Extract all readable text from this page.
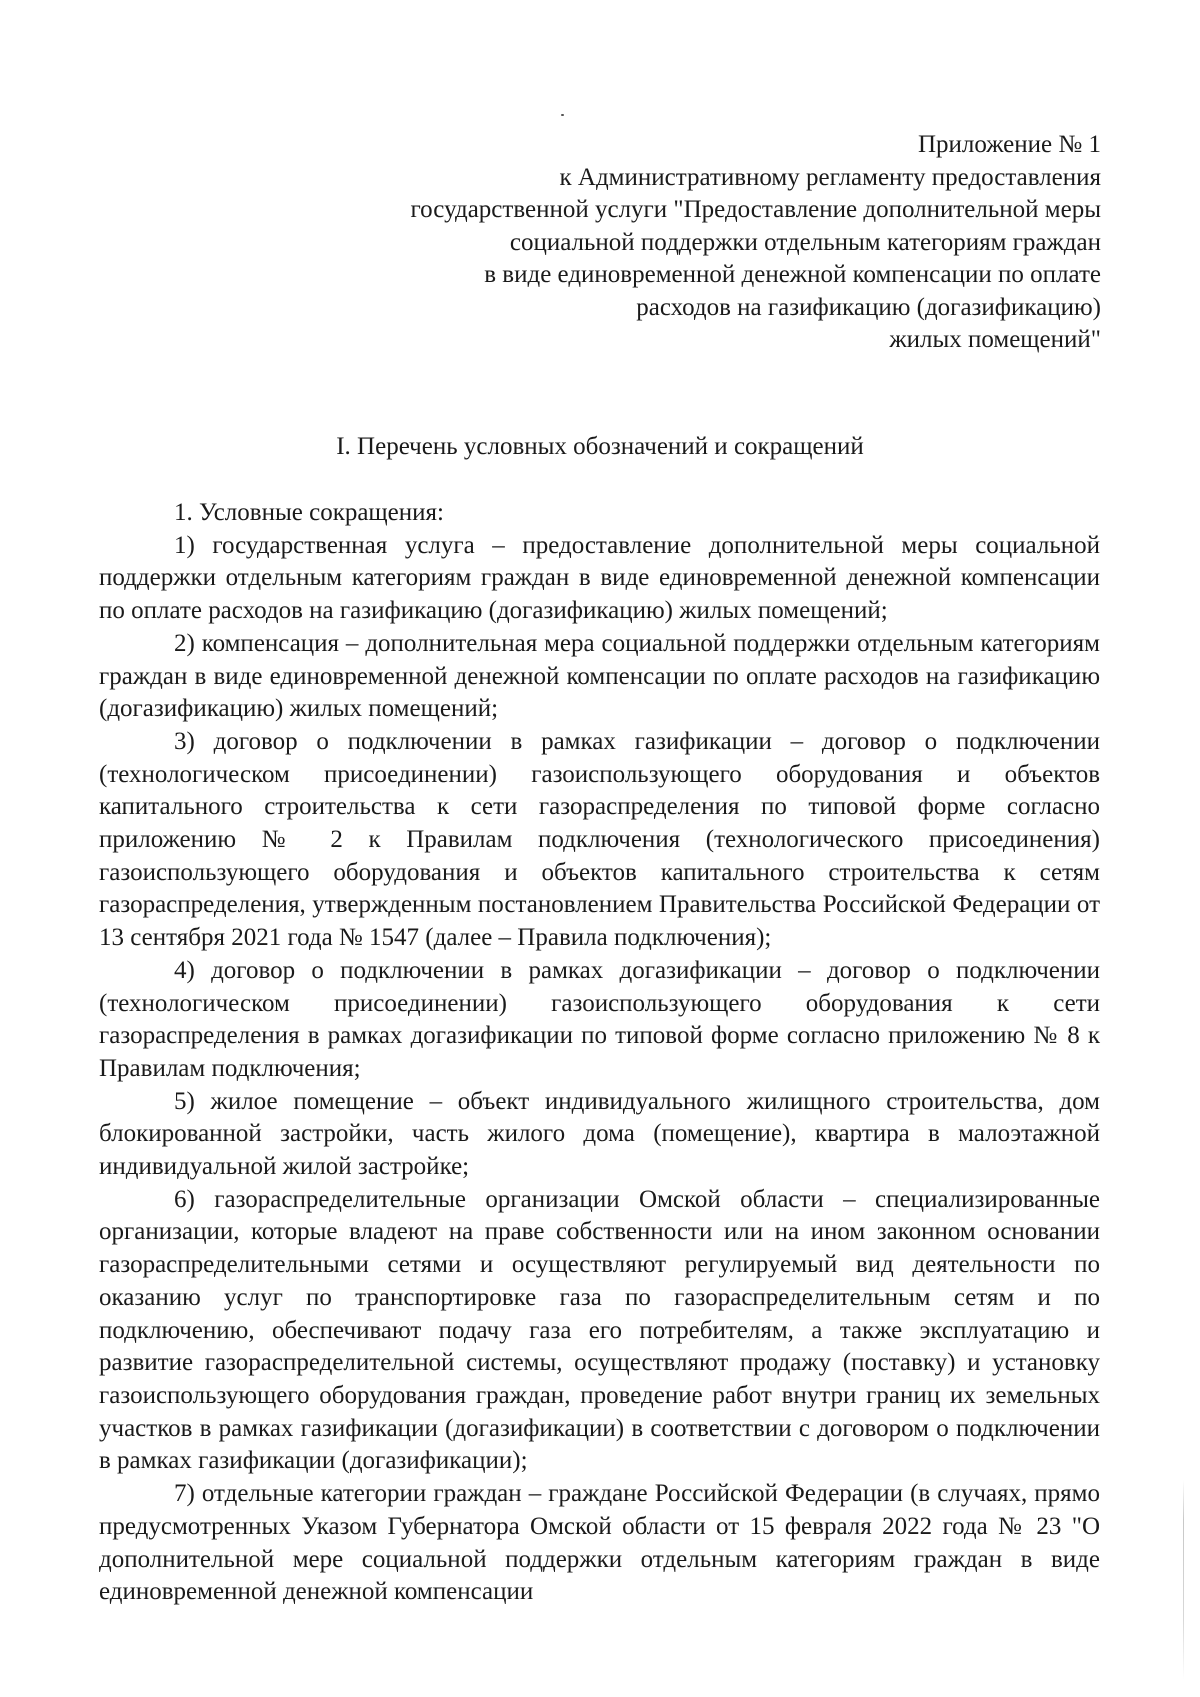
Приложение № 1
к Административному регламенту предоставления
государственной услуги "Предоставление дополнительной меры
социальной поддержки отдельным категориям граждан
в виде единовременной денежной компенсации по оплате
расходов на газификацию (догазификацию)
жилых помещений"
I. Перечень условных обозначений и сокращений

1. Условные сокращения:

1) государственная услуга – предоставление дополнительной меры социальной поддержки отдельным категориям граждан в виде единовременной денежной компенсации по оплате расходов на газификацию (догазификацию) жилых помещений;

2) компенсация – дополнительная мера социальной поддержки отдельным категориям граждан в виде единовременной денежной компенсации по оплате расходов на газификацию (догазификацию) жилых помещений;

3) договор о подключении в рамках газификации – договор о подключении (технологическом присоединении) газоиспользующего оборудования и объектов капитального строительства к сети газораспределения по типовой форме согласно приложению № 2 к Правилам подключения (технологического присоединения) газоиспользующего оборудования и объектов капитального строительства к сетям газораспределения, утвержденным постановлением Правительства Российской Федерации от 13 сентября 2021 года № 1547 (далее – Правила подключения);

4) договор о подключении в рамках догазификации – договор о подключении (технологическом присоединении) газоиспользующего оборудования к сети газораспределения в рамках догазификации по типовой форме согласно приложению № 8 к Правилам подключения;

5) жилое помещение – объект индивидуального жилищного строительства, дом блокированной застройки, часть жилого дома (помещение), квартира в малоэтажной индивидуальной жилой застройке;

6) газораспределительные организации Омской области – специализированные организации, которые владеют на праве собственности или на ином законном основании газораспределительными сетями и осуществляют регулируемый вид деятельности по оказанию услуг по транспортировке газа по газораспределительным сетям и по подключению, обеспечивают подачу газа его потребителям, а также эксплуатацию и развитие газораспределительной системы, осуществляют продажу (поставку) и установку газоиспользующего оборудования граждан, проведение работ внутри границ их земельных участков в рамках газификации (догазификации) в соответствии с договором о подключении в рамках газификации (догазификации);

7) отдельные категории граждан – граждане Российской Федерации (в случаях, прямо предусмотренных Указом Губернатора Омской области от 15 февраля 2022 года № 23 "О дополнительной мере социальной поддержки отдельным категориям граждан в виде единовременной денежной компенсации
